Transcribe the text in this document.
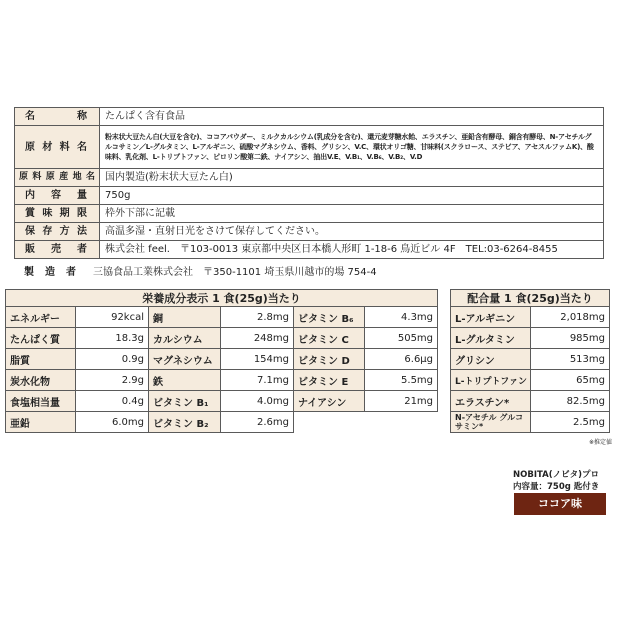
名　称	たんぱく含有食品
原材料名	粉末状大豆たん白(大豆を含む)、ココアパウダー、ミルクカルシウム(乳成分を含む)、還元麦芽糖水飴、エラスチン、亜鉛含有酵母、銅含有酵母、N-アセチルグルコサミン／L-グルタミン、L-アルギニン、硫酸マグネシウム、香料、グリシン、V.C、環状オリゴ糖、甘味料(スクラロース、ステビア、アセスルファムK)、酸味料、乳化剤、L-トリプトファン、ピロリン酸第二鉄、ナイアシン、抽出V.E、V.B₁、V.B₆、V.B₂、V.D
原料原産地名	国内製造(粉末状大豆たん白)
内容量	750g
賞味期限	枠外下部に記載
保存方法	高温多湿・直射日光をさけて保存してください。
販売者	株式会社 feel.　〒103-0013 東京都中央区日本橋人形町 1-18-6 鳥近ビル 4F　TEL:03-6264-8455
製造者 三協食品工業株式会社　〒350-1101 埼玉県川越市的場 754-4
栄養成分表示 1 食(25g)当たり					
エネルギー	92kcal	銅	2.8mg	ビタミン B₆	4.3mg
たんぱく質	18.3g	カルシウム	248mg	ビタミン C	505mg
脂質	0.9g	マグネシウム	154mg	ビタミン D	6.6μg
炭水化物	2.9g	鉄	7.1mg	ビタミン E	5.5mg
食塩相当量	0.4g	ビタミン B₁	4.0mg	ナイアシン	21mg
亜鉛	6.0mg	ビタミン B₂	2.6mg		
配合量 1 食(25g)当たり	
L-アルギニン	2,018mg
L-グルタミン	985mg
グリシン	513mg
L-トリプトファン	65mg
エラスチン*	82.5mg
N-アセチル グルコサミン*	2.5mg
※推定値
NOBITA(ノビタ)プロ
内容量：750g 匙付き
ココア味
